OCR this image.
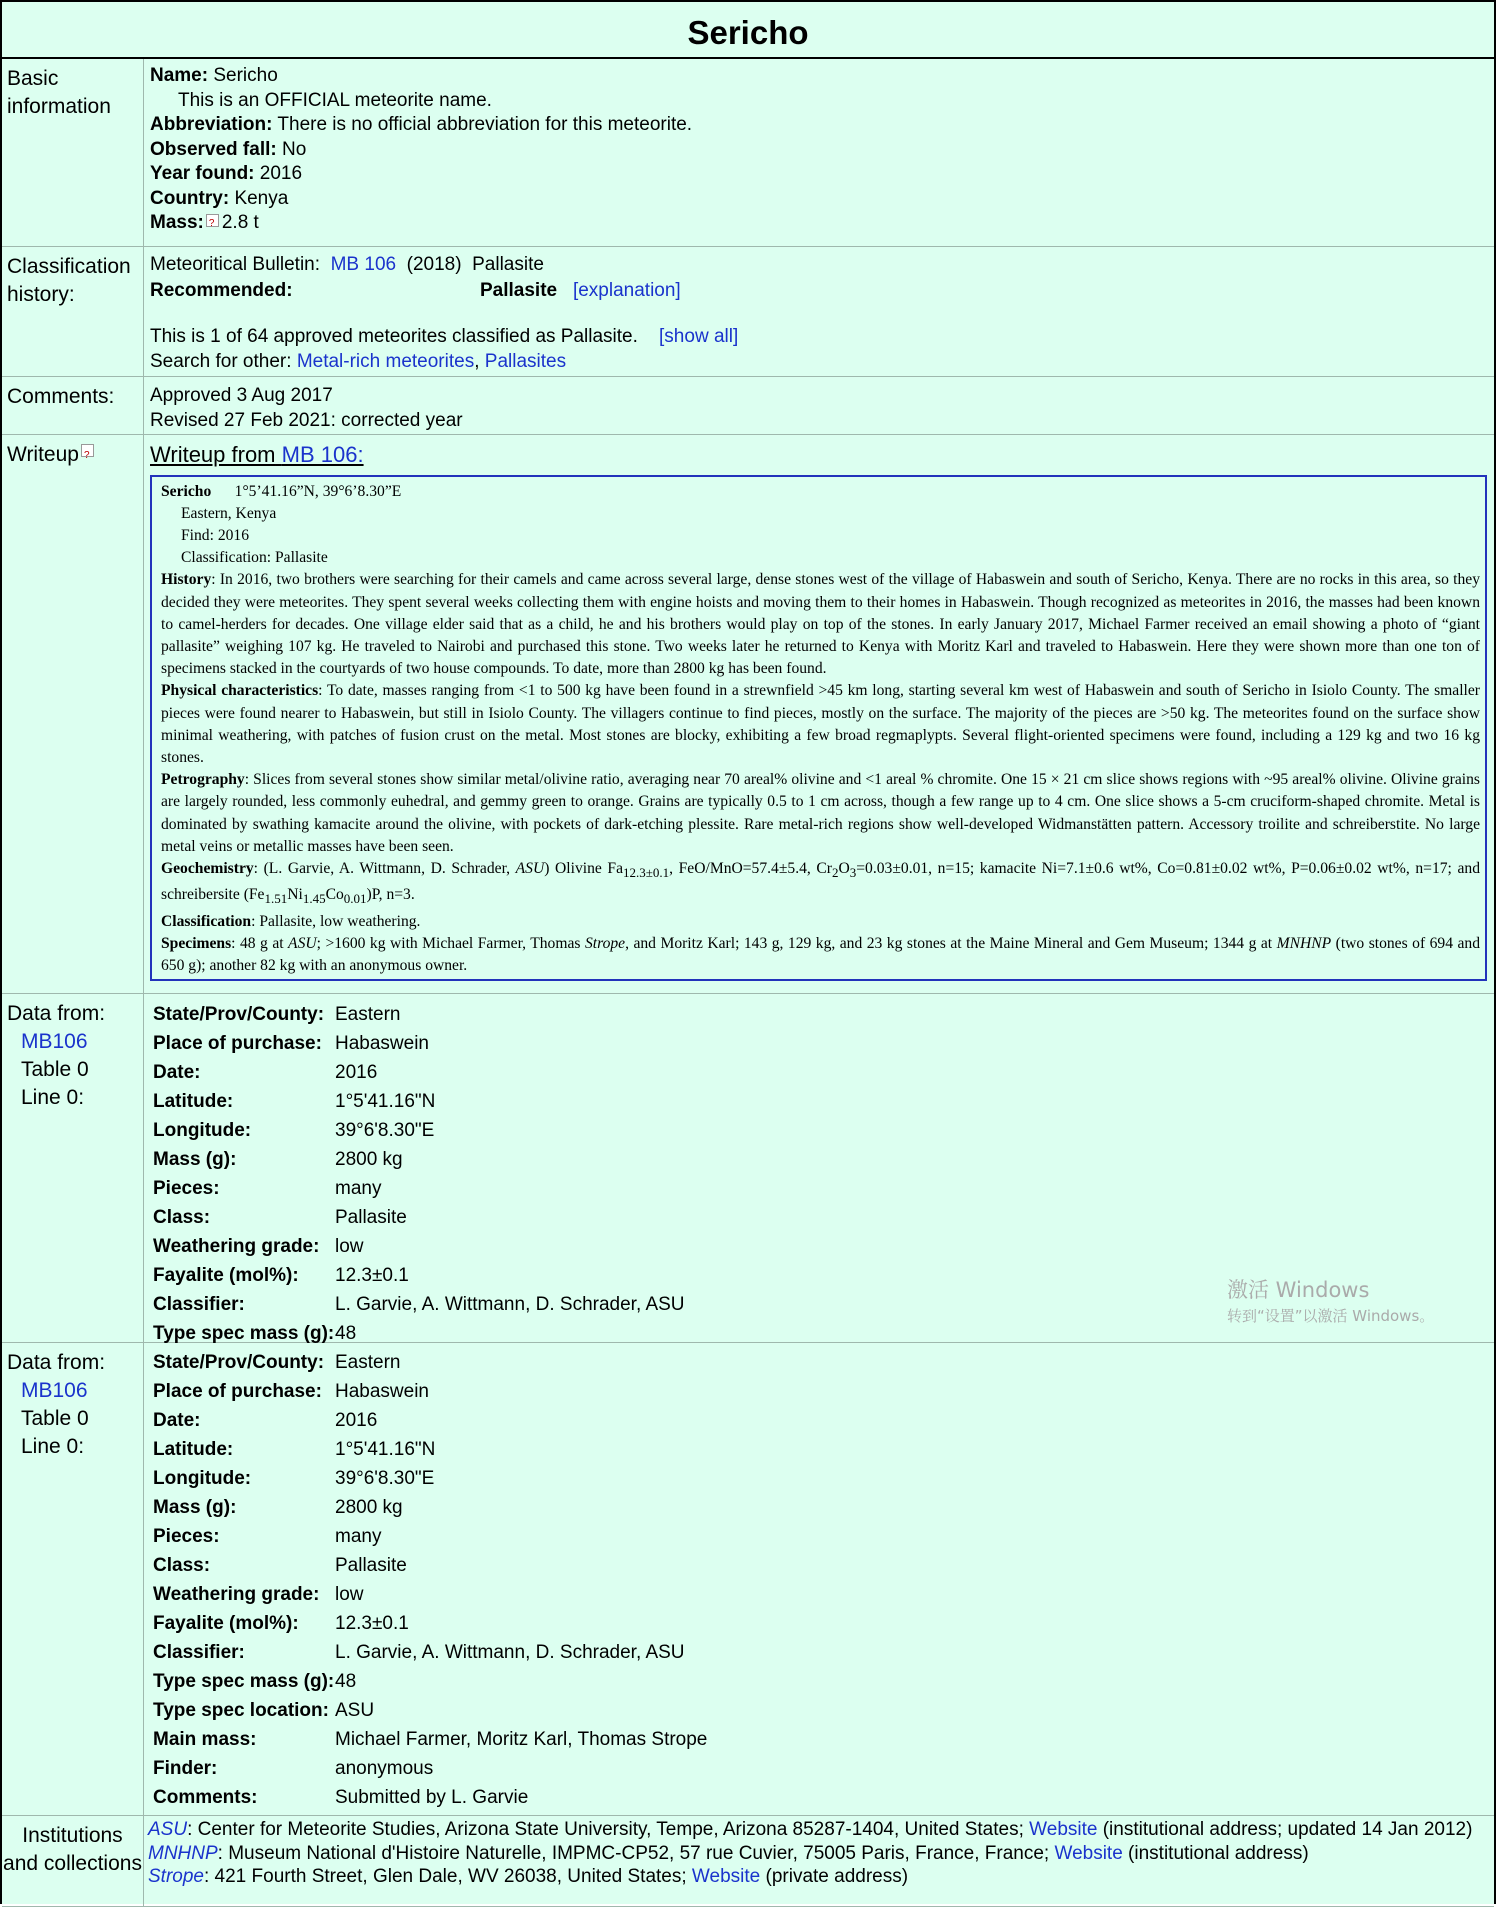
Sericho
Basic information
Name: Sericho
This is an OFFICIAL meteorite name.
Abbreviation: There is no official abbreviation for this meteorite.
Observed fall: No
Year found: 2016
Country: Kenya
Mass: ? 2.8 t
Classification history:
Meteoritical Bulletin: MB 106 (2018) Pallasite
Recommended:	Pallasite
[explanation]
This is 1 of 64 approved meteorites classified as Pallasite. [show all]
Search for other: Metal-rich meteorites, Pallasites
Comments:	Approved 3 Aug 2017
Revised 27 Feb 2021: corrected year
Writeup ?	Writeup from MB 106:
Sericho 1°5’41.16”N, 39°6’8.30”E
Eastern, Kenya
Find: 2016
Classification: Pallasite
History: In 2016, two brothers were searching for their camels and came across several large, dense stones west of the village of Habaswein and south of Sericho, Kenya. There are no rocks in this area, so they decided they were meteorites. They spent several weeks collecting them with engine hoists and moving them to their homes in Habaswein. Though recognized as meteorites in 2016, the masses had been known to camel-herders for decades. One village elder said that as a child, he and his brothers would play on top of the stones. In early January 2017, Michael Farmer received an email showing a photo of “giant pallasite” weighing 107 kg. He traveled to Nairobi and purchased this stone. Two weeks later he returned to Kenya with Moritz Karl and traveled to Habaswein. Here they were shown more than one ton of specimens stacked in the courtyards of two house compounds. To date, more than 2800 kg has been found.
Physical characteristics: To date, masses ranging from <1 to 500 kg have been found in a strewnfield >45 km long, starting several km west of Habaswein and south of Sericho in Isiolo County. The smaller pieces were found nearer to Habaswein, but still in Isiolo County. The villagers continue to find pieces, mostly on the surface. The majority of the pieces are >50 kg. The meteorites found on the surface show minimal weathering, with patches of fusion crust on the metal. Most stones are blocky, exhibiting a few broad regmaplypts. Several flight-oriented specimens were found, including a 129 kg and two 16 kg stones.
Petrography: Slices from several stones show similar metal/olivine ratio, averaging near 70 areal% olivine and <1 areal % chromite. One 15 × 21 cm slice shows regions with ~95 areal% olivine. Olivine grains are largely rounded, less commonly euhedral, and gemmy green to orange. Grains are typically 0.5 to 1 cm across, though a few range up to 4 cm. One slice shows a 5-cm cruciform-shaped chromite. Metal is dominated by swathing kamacite around the olivine, with pockets of dark-etching plessite. Rare metal-rich regions show well-developed Widmanstätten pattern. Accessory troilite and schreiberstite. No large metal veins or metallic masses have been seen.
Geochemistry: (L. Garvie, A. Wittmann, D. Schrader, ASU) Olivine $Fa_{12.3\pm 0.1}$, FeO/MnO=57.4±5.4, $Cr_2O_3=0.03\pm 0.01$, n=15; kamacite Ni=7.1±0.6 wt%, Co=0.81±0.02 wt%, P=0.06±0.02 wt%, n=17; and schreibersite $(Fe_{1.51}Ni_{1.45}Co_{0.01})P$, n=3.
Classification: Pallasite, low weathering.
Specimens: 48 g at ASU; >1600 kg with Michael Farmer, Thomas Strope, and Moritz Karl; 143 g, 129 kg, and 23 kg stones at the Maine Mineral and Gem Museum; 1344 g at MNHNP (two stones of 694 and 650 g); another 82 kg with an anonymous owner.
Data from:
MB106
Table 0
Line 0:
State/Prov/County: Eastern
Place of purchase: Habaswein
Date:	2016
Latitude:	1°5'41.16"N
Longitude:	39°6'8.30"E
Mass (g):	2800 kg
Pieces:	many
Class:	Pallasite
Weathering grade: low
Fayalite (mol%):	12.3±0.1
Classifier:	L. Garvie, A. Wittmann, D. Schrader, ASU
Type spec mass (g): 48
Data from:
MB106
Table 0
Line 0:
State/Prov/County: Eastern
Place of purchase: Habaswein
Date:	2016
Latitude:	1°5'41.16"N
Longitude:	39°6'8.30"E
Mass (g):	2800 kg
Pieces:	many
Class:	Pallasite
Weathering grade: low
Fayalite (mol%):	12.3±0.1
Classifier:	L. Garvie, A. Wittmann, D. Schrader, ASU
Type spec mass (g): 48
Type spec location: ASU
Main mass:	Michael Farmer, Moritz Karl, Thomas Strope
Finder:	anonymous
Comments:	Submitted by L. Garvie
Institutions and collections
ASU: Center for Meteorite Studies, Arizona State University, Tempe, Arizona 85287-1404, United States; Website (institutional address; updated 14 Jan 2012)
MNHNP: Museum National d'Histoire Naturelle, IMPMC-CP52, 57 rue Cuvier, 75005 Paris, France, France; Website (institutional address)
Strope: 421 Fourth Street, Glen Dale, WV 26038, United States; Website (private address)
激活 Windows
转到“设置”以激活 Windows。
